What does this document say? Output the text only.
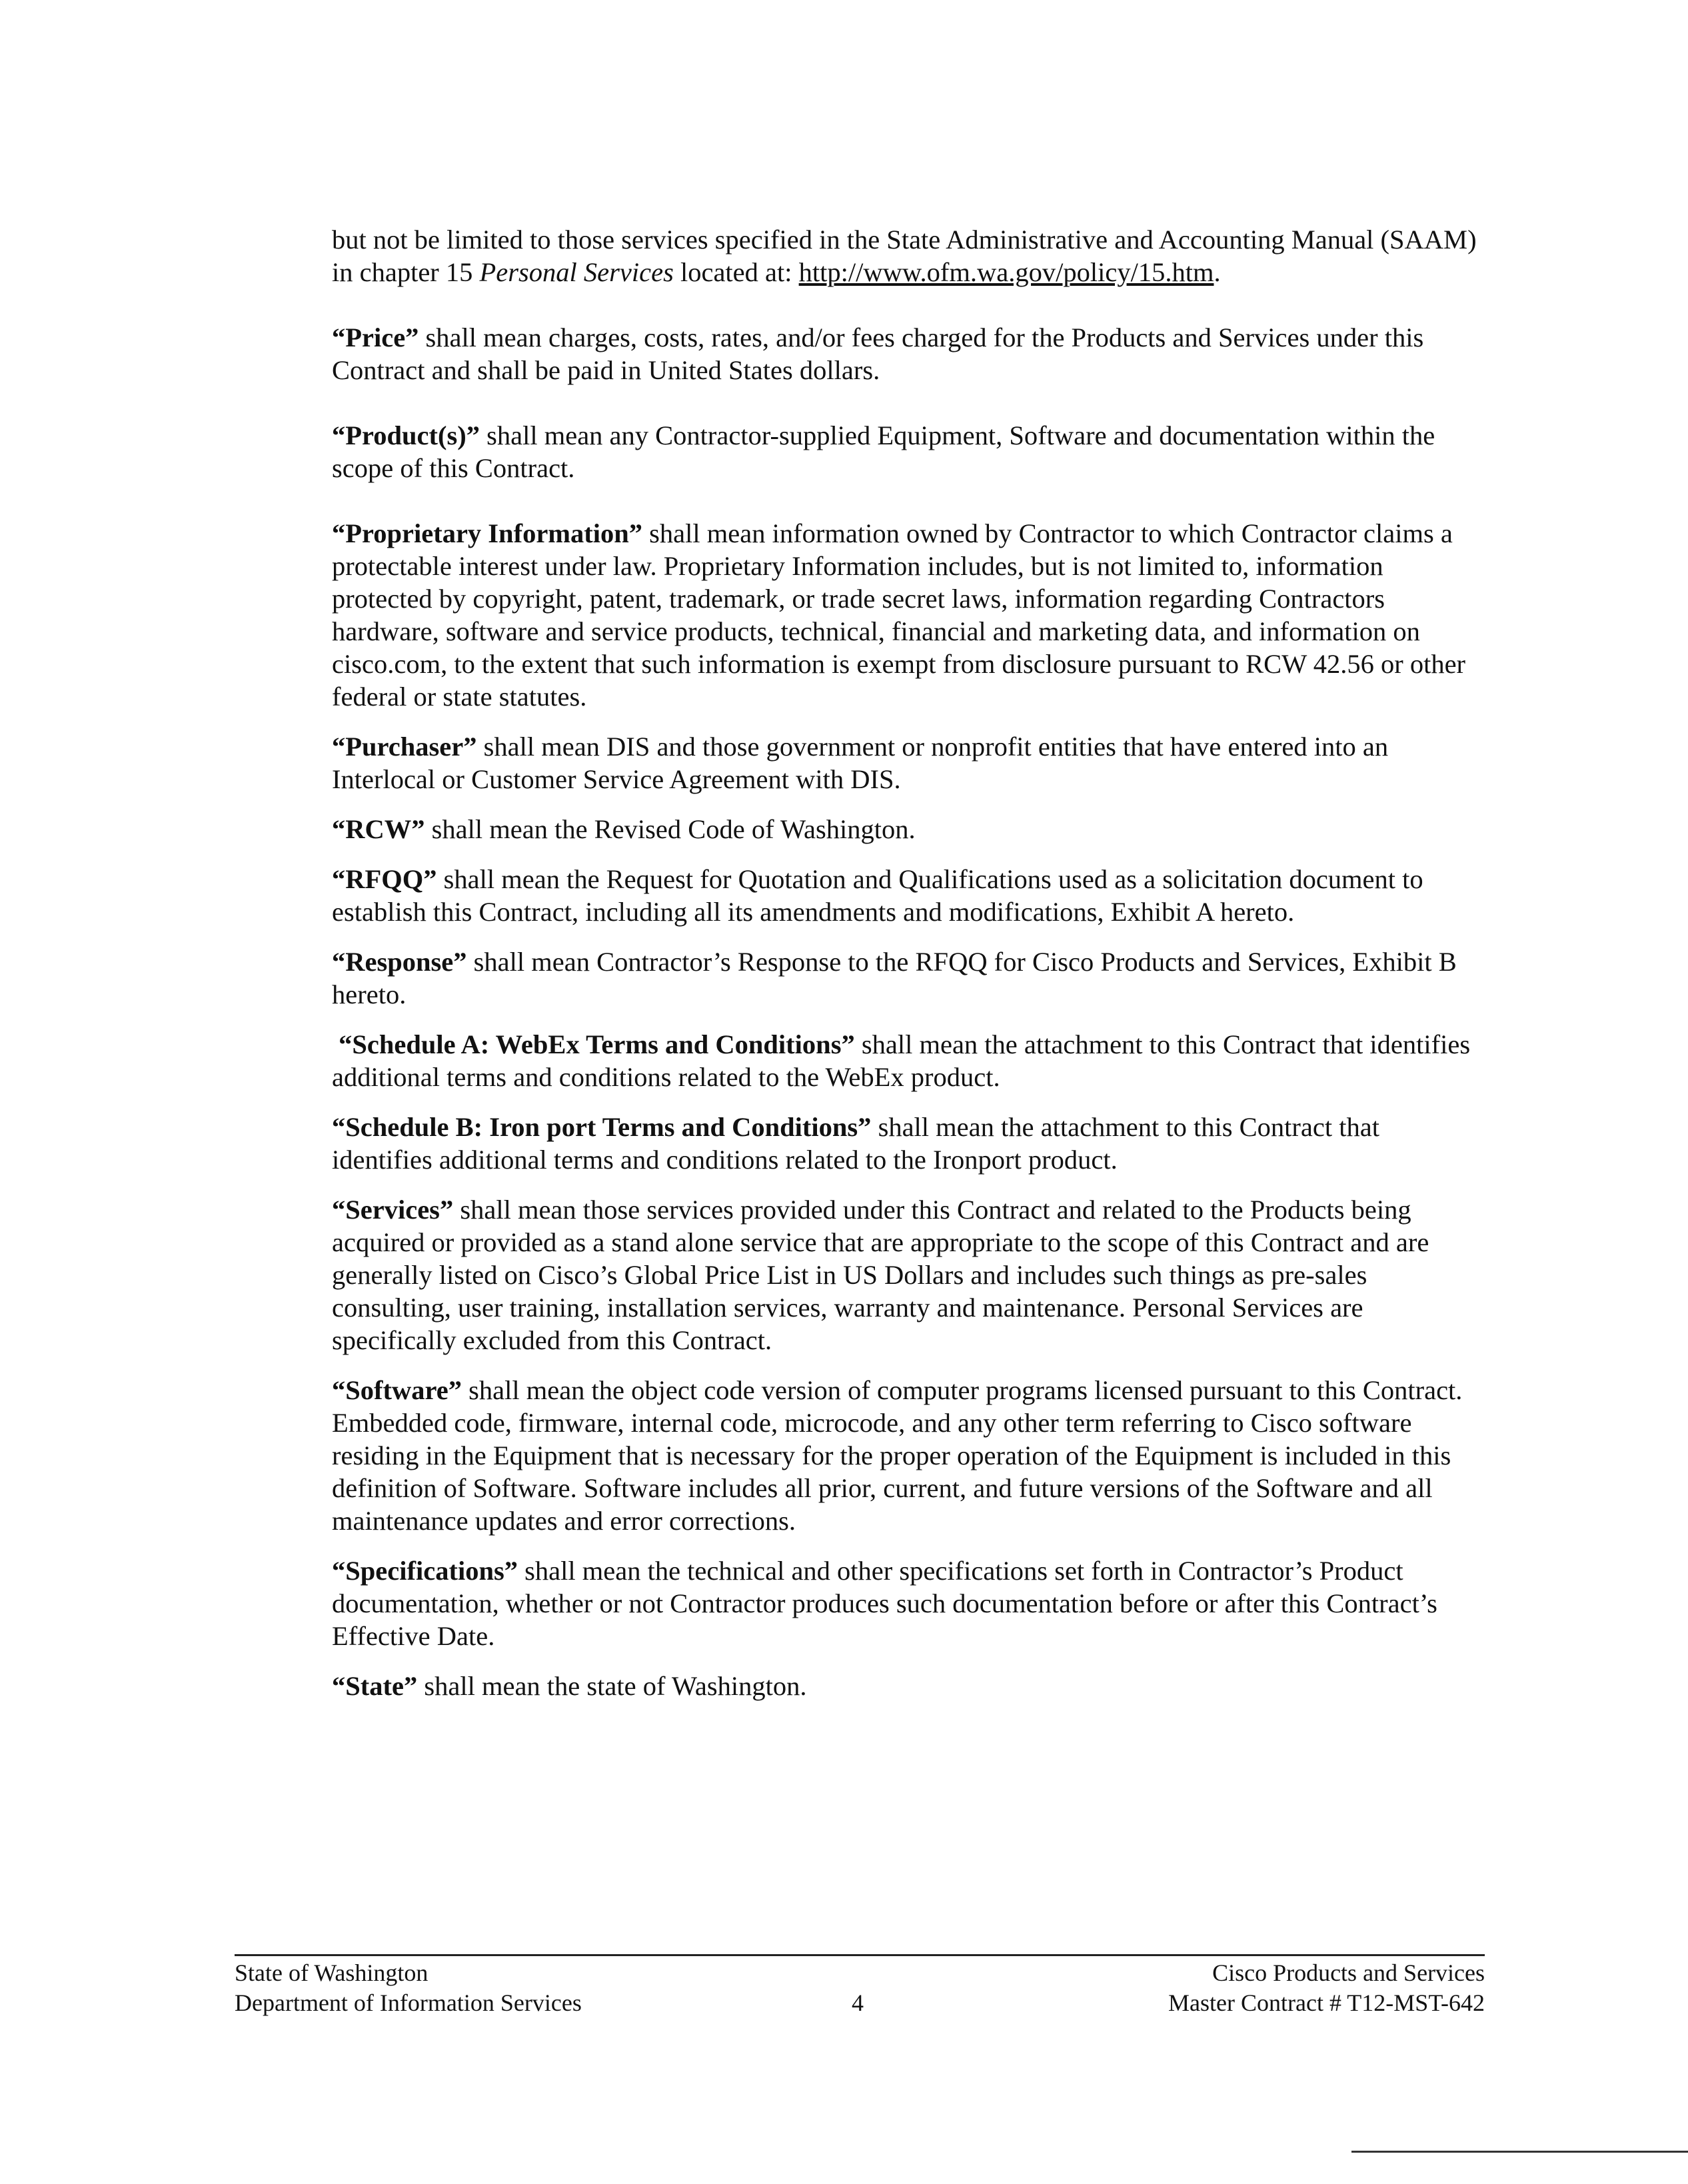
but not be limited to those services specified in the State Administrative and Accounting Manual (SAAM) in chapter 15 Personal Services located at: http://www.ofm.wa.gov/policy/15.htm.

“Price” shall mean charges, costs, rates, and/or fees charged for the Products and Services under this Contract and shall be paid in United States dollars.

“Product(s)” shall mean any Contractor-supplied Equipment, Software and documentation within the scope of this Contract.

“Proprietary Information” shall mean information owned by Contractor to which Contractor claims a protectable interest under law. Proprietary Information includes, but is not limited to, information protected by copyright, patent, trademark, or trade secret laws, information regarding Contractors hardware, software and service products, technical, financial and marketing data, and information on cisco.com, to the extent that such information is exempt from disclosure pursuant to RCW 42.56 or other federal or state statutes.

“Purchaser” shall mean DIS and those government or nonprofit entities that have entered into an Interlocal or Customer Service Agreement with DIS.

“RCW” shall mean the Revised Code of Washington.

“RFQQ” shall mean the Request for Quotation and Qualifications used as a solicitation document to establish this Contract, including all its amendments and modifications, Exhibit A hereto.

“Response” shall mean Contractor’s Response to the RFQQ for Cisco Products and Services, Exhibit B hereto.

“Schedule A: WebEx Terms and Conditions” shall mean the attachment to this Contract that identifies additional terms and conditions related to the WebEx product.

“Schedule B: Iron port Terms and Conditions” shall mean the attachment to this Contract that identifies additional terms and conditions related to the Ironport product.

“Services” shall mean those services provided under this Contract and related to the Products being acquired or provided as a stand alone service that are appropriate to the scope of this Contract and are generally listed on Cisco’s Global Price List in US Dollars and includes such things as pre-sales consulting, user training, installation services, warranty and maintenance. Personal Services are specifically excluded from this Contract.

“Software” shall mean the object code version of computer programs licensed pursuant to this Contract. Embedded code, firmware, internal code, microcode, and any other term referring to Cisco software residing in the Equipment that is necessary for the proper operation of the Equipment is included in this definition of Software. Software includes all prior, current, and future versions of the Software and all maintenance updates and error corrections.

“Specifications” shall mean the technical and other specifications set forth in Contractor’s Product documentation, whether or not Contractor produces such documentation before or after this Contract’s Effective Date.

“State” shall mean the state of Washington.

State of Washington
Department of Information Services	4
Cisco Products and Services
Master Contract # T12-MST-642
